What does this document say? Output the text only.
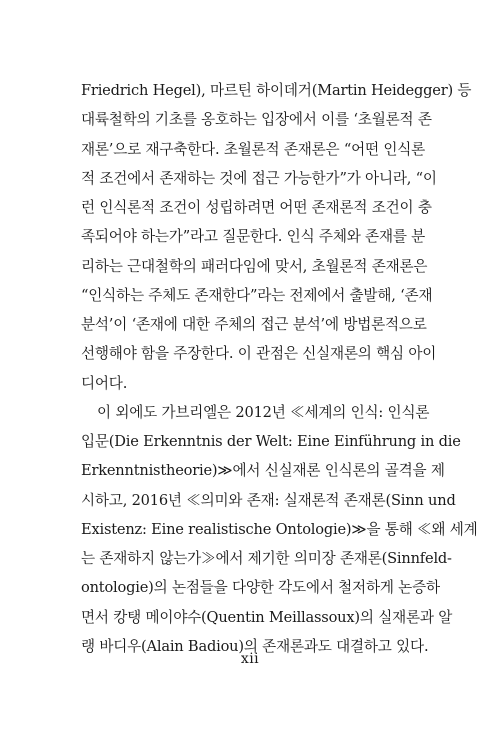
Friedrich Hegel), 마르틴 하이데거(Martin Heidegger) 등
대륙철학의 기초를 옹호하는 입장에서 이를 ‘초월론적 존
재론’으로 재구축한다. 초월론적 존재론은 “어떤 인식론
적 조건에서 존재하는 것에 접근 가능한가”가 아니라, “이
런 인식론적 조건이 성립하려면 어떤 존재론적 조건이 충
족되어야 하는가”라고 질문한다. 인식 주체와 존재를 분
리하는 근대철학의 패러다임에 맞서, 초월론적 존재론은
“인식하는 주체도 존재한다”라는 전제에서 출발해, ‘존재
분석’이 ‘존재에 대한 주체의 접근 분석’에 방법론적으로
선행해야 함을 주장한다. 이 관점은 신실재론의 핵심 아이
디어다.
이 외에도 가브리엘은 2012년 ≪세계의 인식: 인식론
입문(Die Erkenntnis der Welt: Eine Einführung in die
Erkenntnistheorie)≫에서 신실재론 인식론의 골격을 제
시하고, 2016년 ≪의미와 존재: 실재론적 존재론(Sinn und
Existenz: Eine realistische Ontologie)≫을 통해 ≪왜 세계
는 존재하지 않는가≫에서 제기한 의미장 존재론(Sinnfeld-
ontologie)의 논점들을 다양한 각도에서 철저하게 논증하
면서 캉탱 메이야수(Quentin Meillassoux)의 실재론과 알
랭 바디우(Alain Badiou)의 존재론과도 대결하고 있다.
xii
